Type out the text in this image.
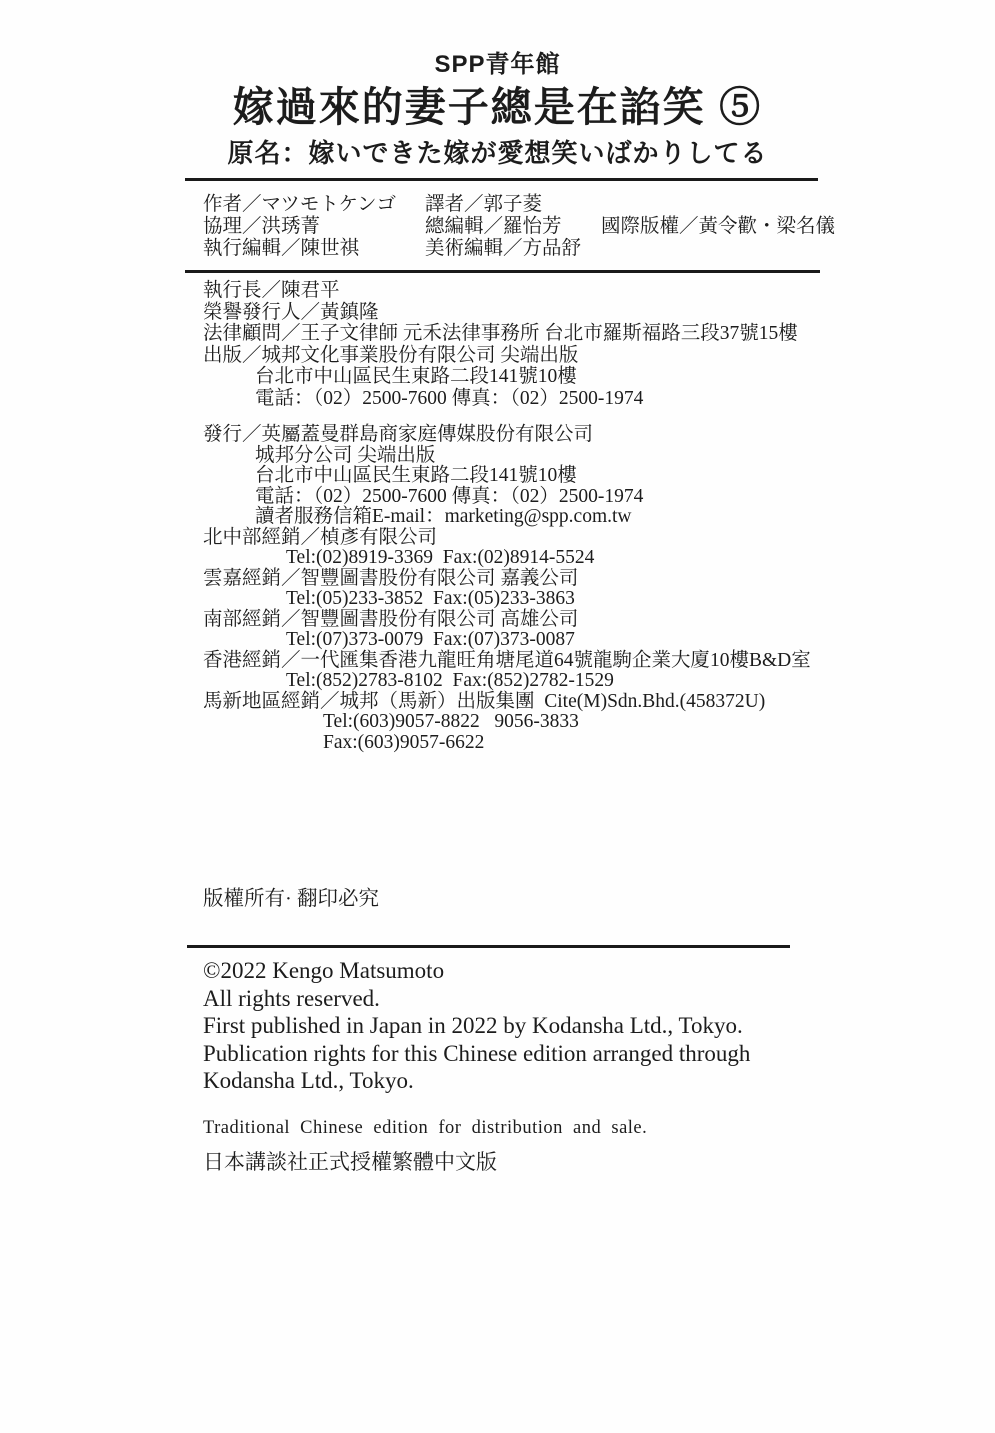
SPP青年館
嫁過來的妻子總是在諂笑 ⑤
原名：嫁いできた嫁が愛想笑いばかりしてる
作者／マツモトケンゴ	譯者／郭子菱
協理／洪琇菁	總編輯／羅怡芳	國際版權／黃令歡・梁名儀
執行編輯／陳世祺	美術編輯／方品舒
執行長／陳君平
榮譽發行人／黃鎮隆
法律顧問／王子文律師 元禾法律事務所 台北市羅斯福路三段37號15樓
出版／城邦文化事業股份有限公司 尖端出版
台北市中山區民生東路二段141號10樓
電話：（02）2500-7600 傳真：（02）2500-1974
發行／英屬蓋曼群島商家庭傳媒股份有限公司
城邦分公司 尖端出版
台北市中山區民生東路二段141號10樓
電話：（02）2500-7600 傳真：（02）2500-1974
讀者服務信箱E-mail：marketing@spp.com.tw
北中部經銷／楨彥有限公司
Tel:(02)8919-3369  Fax:(02)8914-5524
雲嘉經銷／智豐圖書股份有限公司 嘉義公司
Tel:(05)233-3852  Fax:(05)233-3863
南部經銷／智豐圖書股份有限公司 高雄公司
Tel:(07)373-0079  Fax:(07)373-0087
香港經銷／一代匯集香港九龍旺角塘尾道64號龍駒企業大廈10樓B&D室
Tel:(852)2783-8102  Fax:(852)2782-1529
馬新地區經銷／城邦（馬新）出版集團  Cite(M)Sdn.Bhd.(458372U)
Tel:(603)9057-8822   9056-3833
Fax:(603)9057-6622
版權所有· 翻印必究
©2022 Kengo Matsumoto
All rights reserved.
First published in Japan in 2022 by Kodansha Ltd., Tokyo.
Publication rights for this Chinese edition arranged through
Kodansha Ltd., Tokyo.
Traditional Chinese edition for distribution and sale.
日本講談社正式授權繁體中文版
